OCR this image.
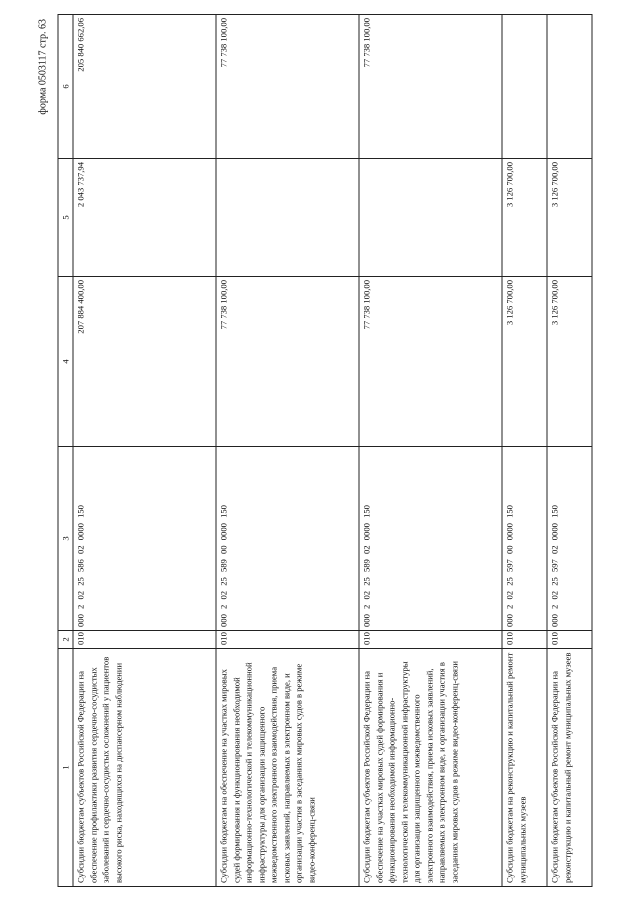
форма 0503117 стр. 63
1	2	3	4	5	6
Субсидии бюджетам субъектов Российской Федерации на обеспечение профилактики развития сердечно-сосудистых заболеваний и сердечно-сосудистых осложнений у пациентов высокого риска, находящихся на диспансерном наблюдении	010	000 2 02 25 586 02 0000 150	207 884 400,00	2 043 737,94	205 840 662,06
Субсидии бюджетам на обеспечение на участках мировых судей формирования и функционирования необходимой информационно-технологической и телекоммуникационной инфраструктуры для организации защищенного межведомственного электронного взаимодействия, приема исковых заявлений, направляемых в электронном виде, и организации участия в заседаниях мировых судов в режиме видео-конференц-связи	010	000 2 02 25 589 00 0000 150	77 738 100,00		77 738 100,00
Субсидии бюджетам субъектов Российской Федерации на обеспечение на участках мировых судей формирования и функционирования необходимой информационно-технологической и телекоммуникационной инфраструктуры для организации защищенного межведомственного электронного взаимодействия, приема исковых заявлений, направляемых в электронном виде, и организации участия в заседаниях мировых судов в режиме видео-конференц-связи	010	000 2 02 25 589 02 0000 150	77 738 100,00		77 738 100,00
Субсидии бюджетам на реконструкцию и капитальный ремонт муниципальных музеев	010	000 2 02 25 597 00 0000 150	3 126 700,00	3 126 700,00	
Субсидии бюджетам субъектов Российской Федерации на реконструкцию и капитальный ремонт муниципальных музеев	010	000 2 02 25 597 02 0000 150	3 126 700,00	3 126 700,00	
